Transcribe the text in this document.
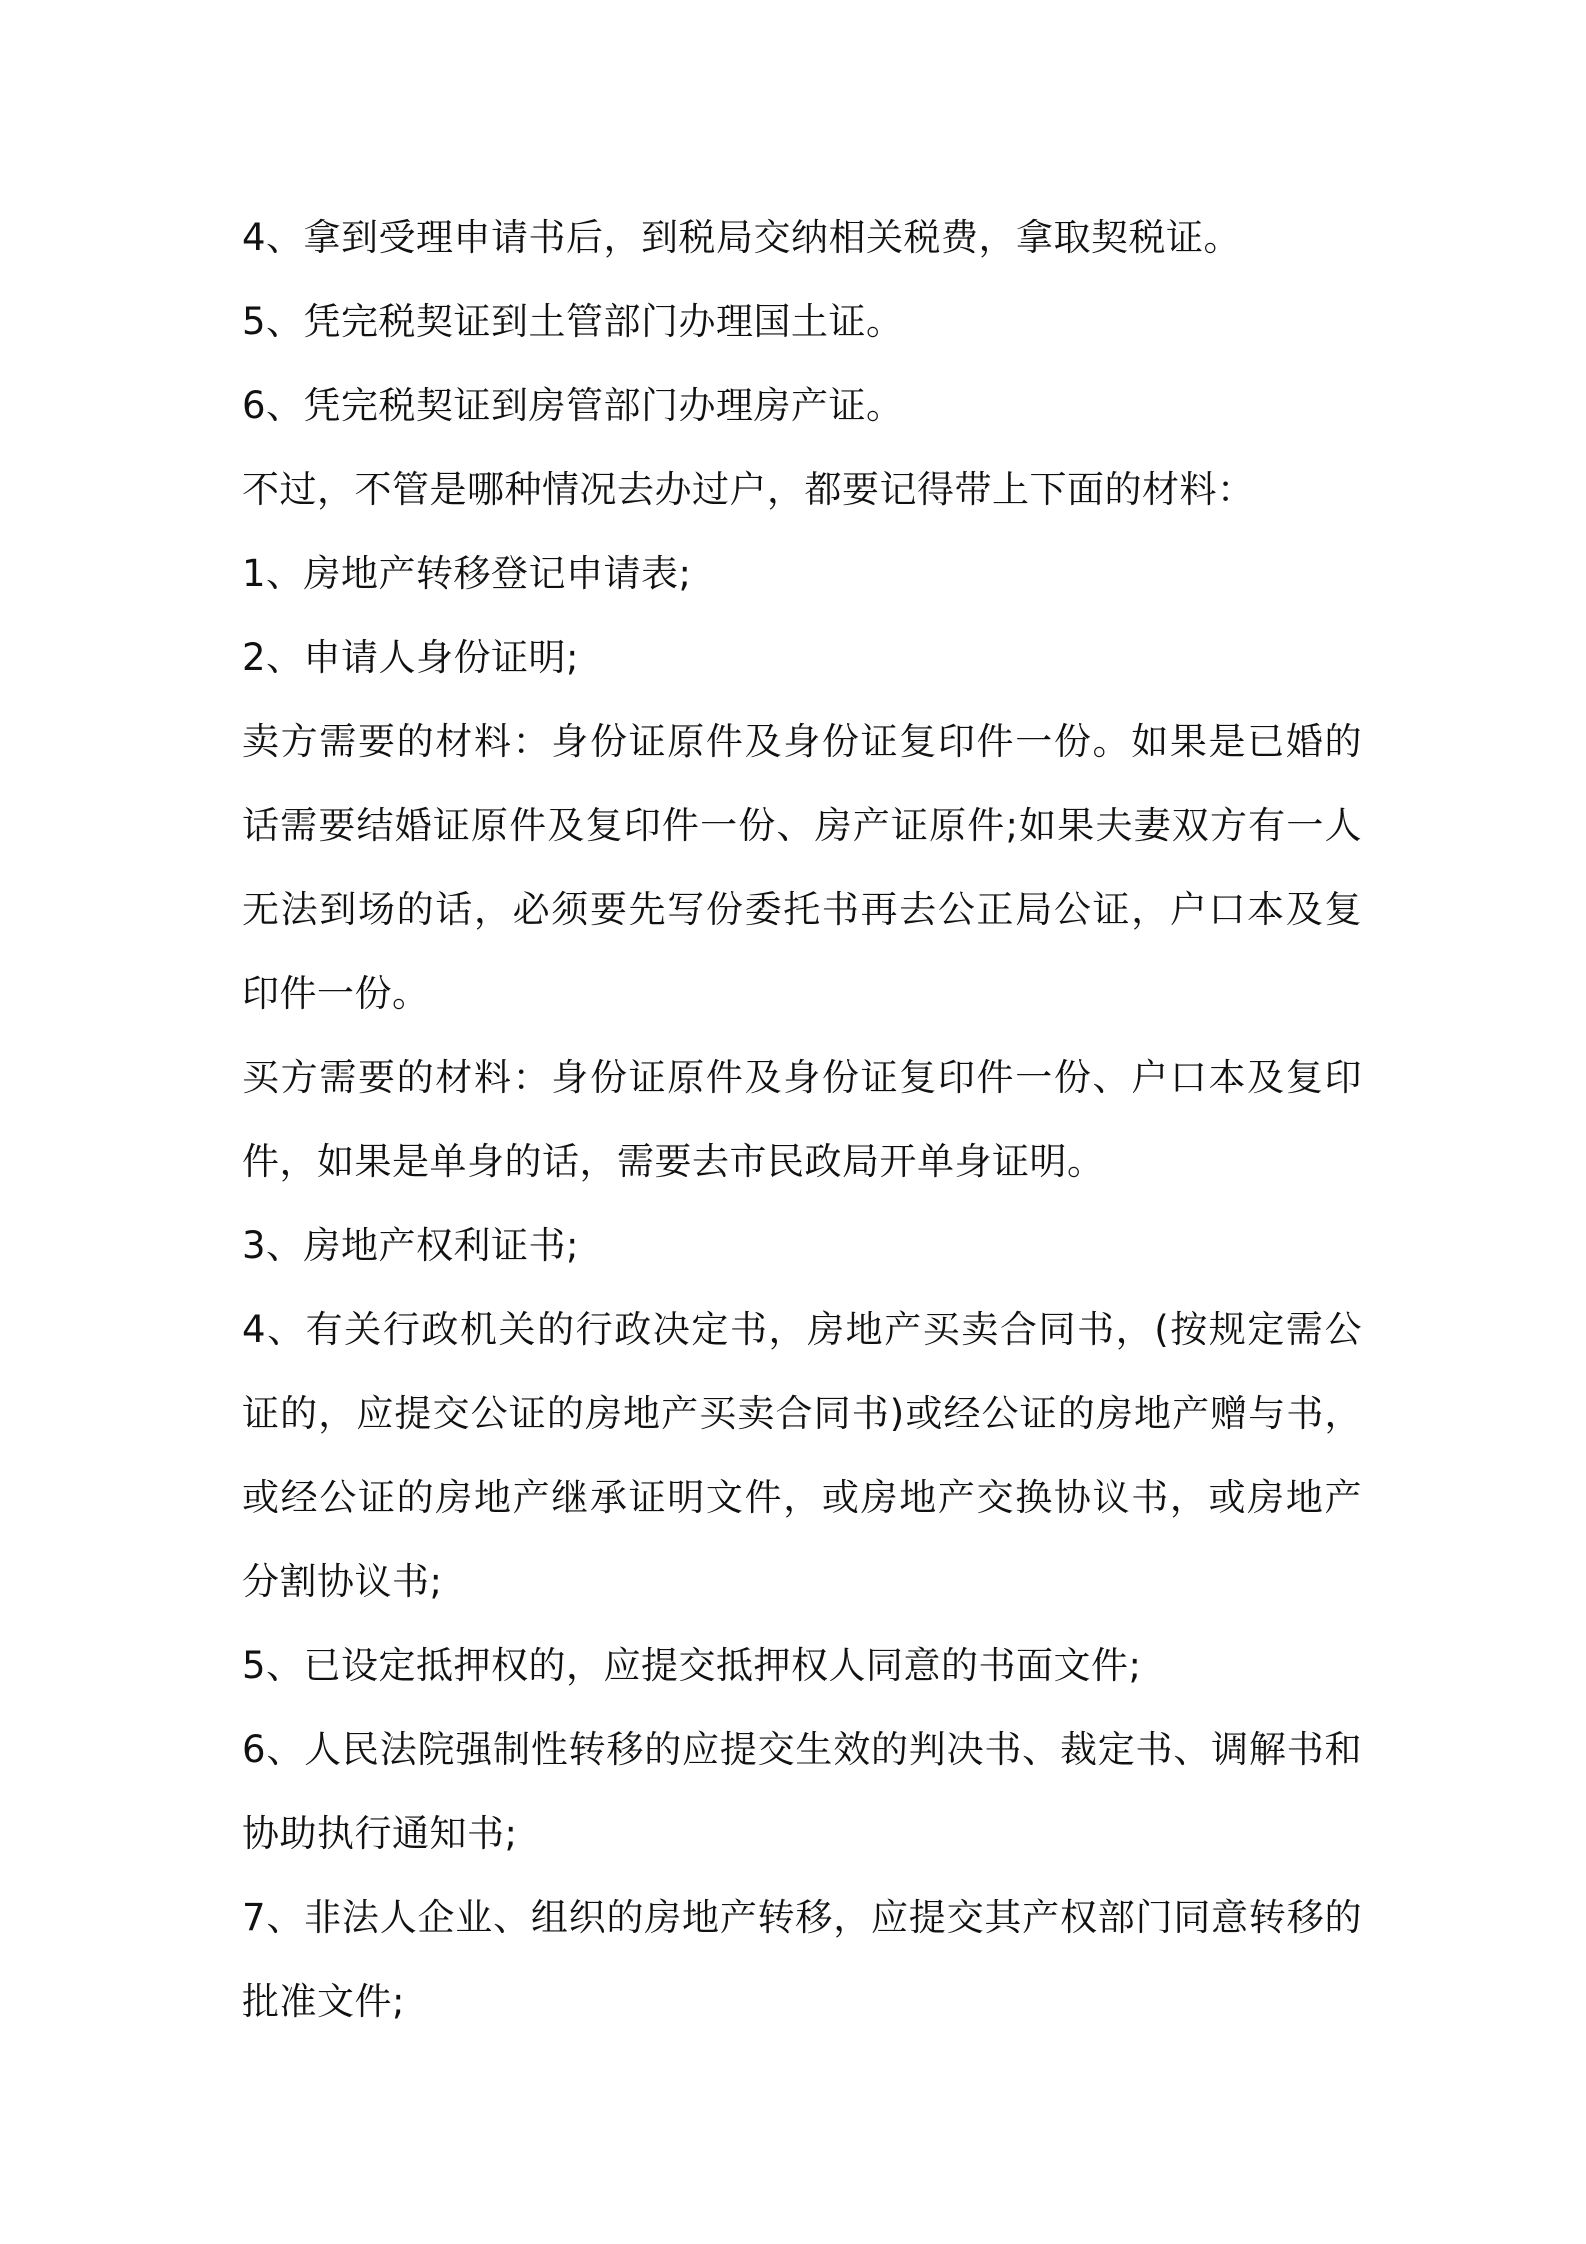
4、拿到受理申请书后，到税局交纳相关税费，拿取契税证。

5、凭完税契证到土管部门办理国土证。

6、凭完税契证到房管部门办理房产证。

不过，不管是哪种情况去办过户，都要记得带上下面的材料：

1、房地产转移登记申请表;

2、申请人身份证明;

卖方需要的材料：身份证原件及身份证复印件一份。如果是已婚的话需要结婚证原件及复印件一份、房产证原件;如果夫妻双方有一人无法到场的话，必须要先写份委托书再去公正局公证，户口本及复印件一份。

买方需要的材料：身份证原件及身份证复印件一份、户口本及复印件，如果是单身的话，需要去市民政局开单身证明。

3、房地产权利证书;

4、有关行政机关的行政决定书，房地产买卖合同书，(按规定需公证的，应提交公证的房地产买卖合同书)或经公证的房地产赠与书，或经公证的房地产继承证明文件，或房地产交换协议书，或房地产分割协议书;

5、已设定抵押权的，应提交抵押权人同意的书面文件;

6、人民法院强制性转移的应提交生效的判决书、裁定书、调解书和协助执行通知书;

7、非法人企业、组织的房地产转移，应提交其产权部门同意转移的批准文件;
